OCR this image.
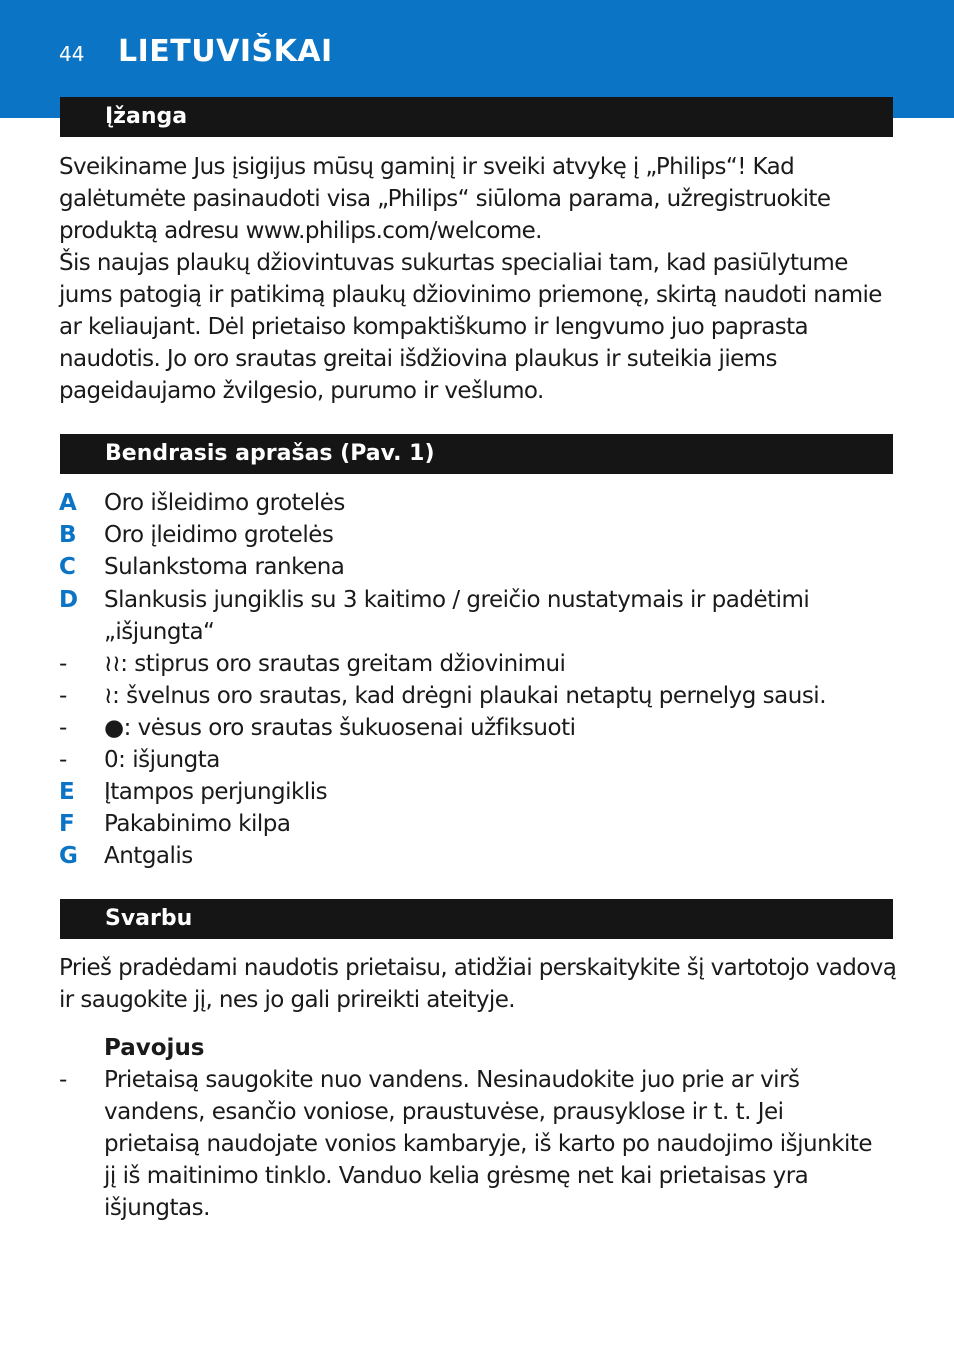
44 LIETUVIŠKAI
Įžanga

Sveikiname Jus įsigijus mūsų gaminį ir sveiki atvykę į „Philips“! Kad galėtumėte pasinaudoti visa „Philips“ siūloma parama, užregistruokite produktą adresu www.philips.com/welcome.

Šis naujas plaukų džiovintuvas sukurtas specialiai tam, kad pasiūlytume jums patogią ir patikimą plaukų džiovinimo priemonę, skirtą naudoti namie ar keliaujant. Dėl prietaiso kompaktiškumo ir lengvumo juo paprasta naudotis. Jo oro srautas greitai išdžiovina plaukus ir suteikia jiems pageidaujamo žvilgesio, purumo ir vešlumo.

Bendrasis aprašas (Pav. 1)
A	Oro išleidimo grotelės
B	Oro įleidimo grotelės
C	Sulankstoma rankena
D	Slankusis jungiklis su 3 kaitimo / greičio nustatymais ir padėtimi „išjungta“
-	≀≀: stiprus oro srautas greitam džiovinimui
-	≀: švelnus oro srautas, kad drėgni plaukai netaptų pernelyg sausi.
-	●: vėsus oro srautas šukuosenai užfiksuoti
-	0: išjungta
E	Įtampos perjungiklis
F	Pakabinimo kilpa
G	Antgalis
Svarbu

Prieš pradėdami naudotis prietaisu, atidžiai perskaitykite šį vartotojo vadovą ir saugokite jį, nes jo gali prireikti ateityje.

Pavojus
-	Prietaisą saugokite nuo vandens. Nesinaudokite juo prie ar virš vandens, esančio voniose, praustuvėse, prausyklose ir t. t. Jei prietaisą naudojate vonios kambaryje, iš karto po naudojimo išjunkite jį iš maitinimo tinklo. Vanduo kelia grėsmę net kai prietaisas yra išjungtas.
